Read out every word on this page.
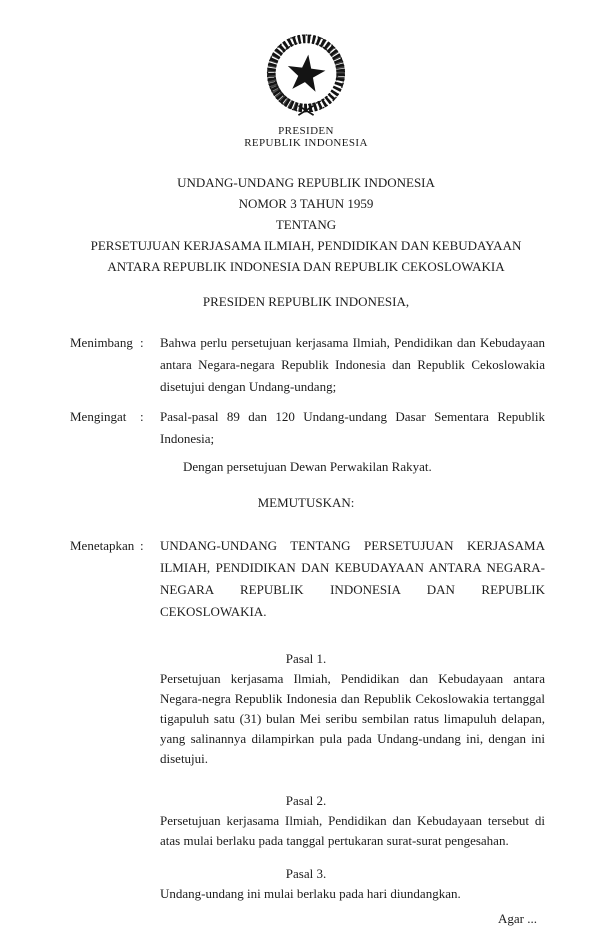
PRESIDEN
REPUBLIK INDONESIA
UNDANG-UNDANG REPUBLIK INDONESIA
NOMOR 3 TAHUN 1959
TENTANG
PERSETUJUAN KERJASAMA ILMIAH, PENDIDIKAN DAN KEBUDAYAAN
ANTARA REPUBLIK INDONESIA DAN REPUBLIK CEKOSLOWAKIA
PRESIDEN REPUBLIK INDONESIA,
Menimbang :	Bahwa perlu persetujuan kerjasama Ilmiah, Pendidikan dan Kebudayaan antara Negara-negara Republik Indonesia dan Republik Cekoslowakia disetujui dengan Undang-undang;
Mengingat	:	Pasal-pasal 89 dan 120 Undang-undang Dasar Sementara Republik Indonesia;
Dengan persetujuan Dewan Perwakilan Rakyat.
MEMUTUSKAN:
Menetapkan :	UNDANG-UNDANG TENTANG PERSETUJUAN KERJASAMA ILMIAH, PENDIDIKAN DAN KEBUDAYAAN ANTARA NEGARA-NEGARA REPUBLIK INDONESIA DAN REPUBLIK CEKOSLOWAKIA.
Pasal 1.
Persetujuan kerjasama Ilmiah, Pendidikan dan Kebudayaan antara Negara-negra Republik Indonesia dan Republik Cekoslowakia tertanggal tigapuluh satu (31) bulan Mei seribu sembilan ratus limapuluh delapan, yang salinannya dilampirkan pula pada Undang-undang ini, dengan ini disetujui.
Pasal 2.
Persetujuan kerjasama Ilmiah, Pendidikan dan Kebudayaan tersebut di atas mulai berlaku pada tanggal pertukaran surat-surat pengesahan.
Pasal 3.
Undang-undang ini mulai berlaku pada hari diundangkan.
Agar ...
